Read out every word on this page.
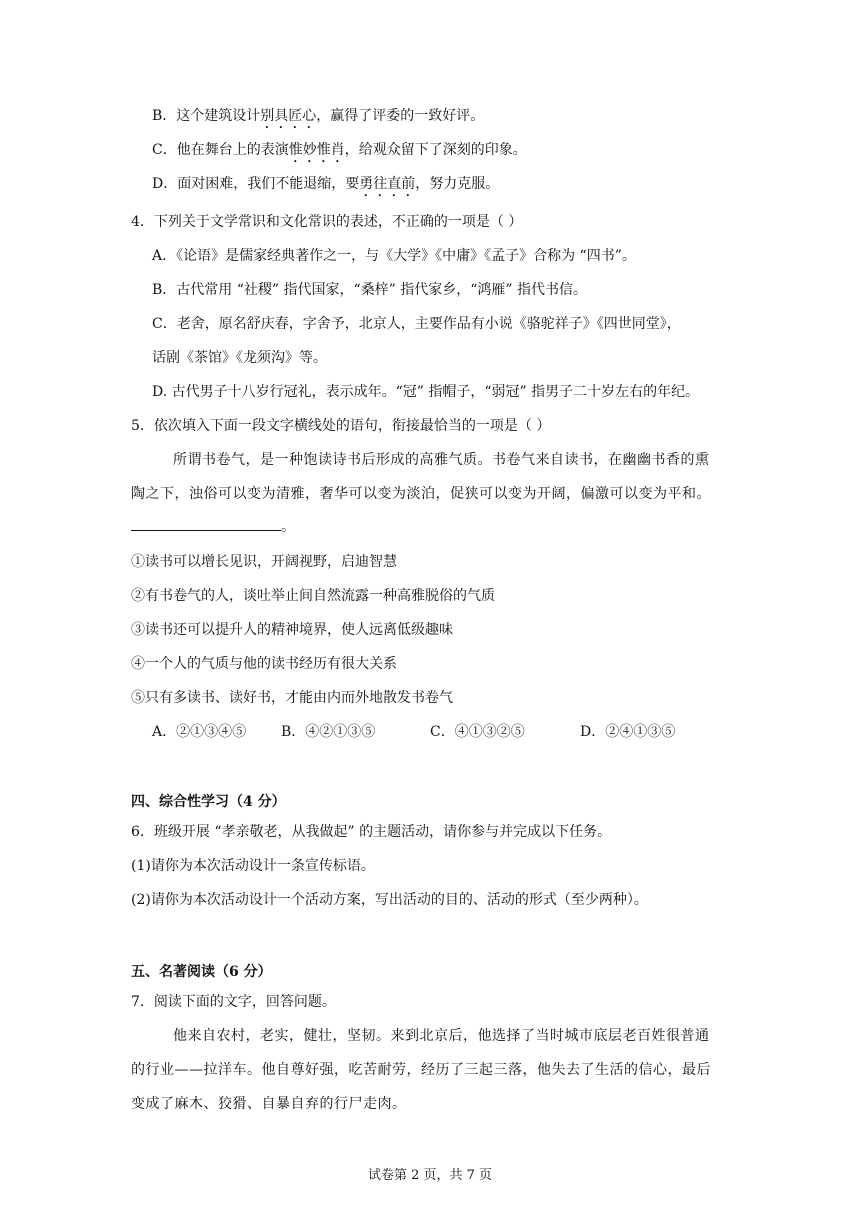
B．这个建筑设计别具匠心，赢得了评委的一致好评。
C．他在舞台上的表演惟妙惟肖，给观众留下了深刻的印象。
D．面对困难，我们不能退缩，要勇往直前，努力克服。
4．下列关于文学常识和文化常识的表述，不正确的一项是（ ）
A．《论语》是儒家经典著作之一，与《大学》《中庸》《孟子》合称为 “四书”。
B．古代常用 “社稷” 指代国家，“桑梓” 指代家乡，“鸿雁” 指代书信。
C．老舍，原名舒庆春，字舍予，北京人，主要作品有小说《骆驼祥子》《四世同堂》，
话剧《茶馆》《龙须沟》等。
D. 古代男子十八岁行冠礼，表示成年。“冠” 指帽子，“弱冠” 指男子二十岁左右的年纪。
5．依次填入下面一段文字横线处的语句，衔接最恰当的一项是（ ）
所谓书卷气，是一种饱读诗书后形成的高雅气质。书卷气来自读书，在幽幽书香的熏
陶之下，浊俗可以变为清雅，奢华可以变为淡泊，促狭可以变为开阔，偏激可以变为平和。
。
①读书可以增长见识，开阔视野，启迪智慧
②有书卷气的人，谈吐举止间自然流露一种高雅脱俗的气质
③读书还可以提升人的精神境界，使人远离低级趣味
④一个人的气质与他的读书经历有很大关系
⑤只有多读书、读好书，才能由内而外地散发书卷气
A．②①③④⑤ B．④②①③⑤	C．④①③②⑤	D．②④①③⑤
四、综合性学习（4 分）
6．班级开展 “孝亲敬老，从我做起” 的主题活动，请你参与并完成以下任务。
(1)请你为本次活动设计一条宣传标语。
(2)请你为本次活动设计一个活动方案，写出活动的目的、活动的形式（至少两种）。
五、名著阅读（6 分）
7．阅读下面的文字，回答问题。
他来自农村，老实，健壮，坚韧。来到北京后，他选择了当时城市底层老百姓很普通
的行业——拉洋车。他自尊好强，吃苦耐劳，经历了三起三落，他失去了生活的信心，最后
变成了麻木、狡猾、自暴自弃的行尸走肉。
试卷第 2 页，共 7 页
